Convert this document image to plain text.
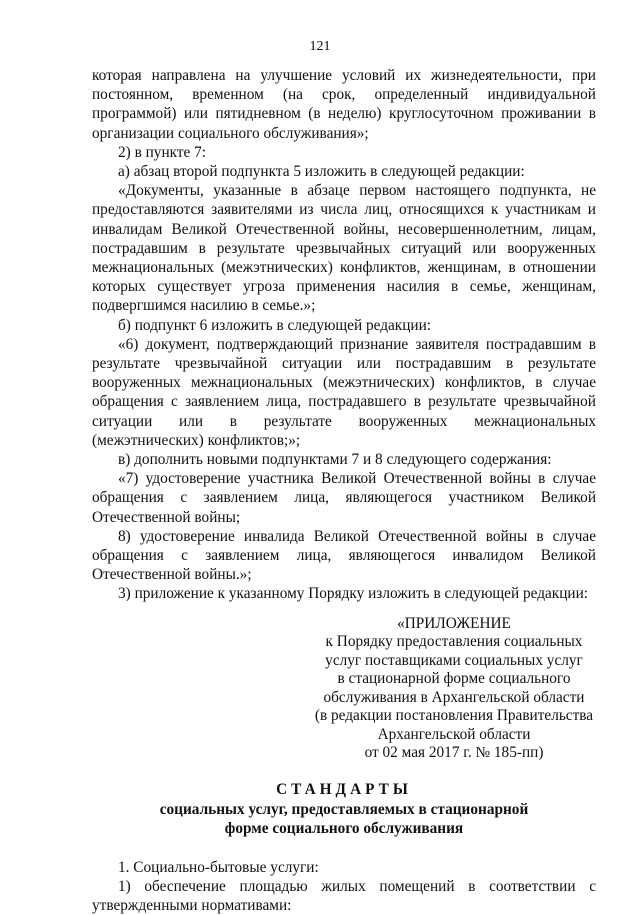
121

которая направлена на улучшение условий их жизнедеятельности, при постоянном, временном (на срок, определенный индивидуальной программой) или пятидневном (в неделю) круглосуточном проживании в организации социального обслуживания»;

2) в пункте 7:

а) абзац второй подпункта 5 изложить в следующей редакции:

«Документы, указанные в абзаце первом настоящего подпункта, не предоставляются заявителями из числа лиц, относящихся к участникам и инвалидам Великой Отечественной войны, несовершеннолетним, лицам, пострадавшим в результате чрезвычайных ситуаций или вооруженных межнациональных (межэтнических) конфликтов, женщинам, в отношении которых существует угроза применения насилия в семье, женщинам, подвергшимся насилию в семье.»;

б) подпункт 6 изложить в следующей редакции:

«6) документ, подтверждающий признание заявителя пострадавшим в результате чрезвычайной ситуации или пострадавшим в результате вооруженных межнациональных (межэтнических) конфликтов, в случае обращения с заявлением лица, пострадавшего в результате чрезвычайной ситуации или в результате вооруженных межнациональных (межэтнических) конфликтов;»;

в) дополнить новыми подпунктами 7 и 8 следующего содержания:

«7) удостоверение участника Великой Отечественной войны в случае обращения с заявлением лица, являющегося участником Великой Отечественной войны;

8) удостоверение инвалида Великой Отечественной войны в случае обращения с заявлением лица, являющегося инвалидом Великой Отечественной войны.»;

3) приложение к указанному Порядку изложить в следующей редакции:

«ПРИЛОЖЕНИЕ
к Порядку предоставления социальных
услуг поставщиками социальных услуг
в стационарной форме социального
обслуживания в Архангельской области
(в редакции постановления Правительства
Архангельской области
от 02 мая 2017 г. № 185-пп)
СТАНДАРТЫ
социальных услуг, предоставляемых в стационарной
форме социального обслуживания

1. Социально-бытовые услуги:

1) обеспечение площадью жилых помещений в соответствии с утвержденными нормативами:
